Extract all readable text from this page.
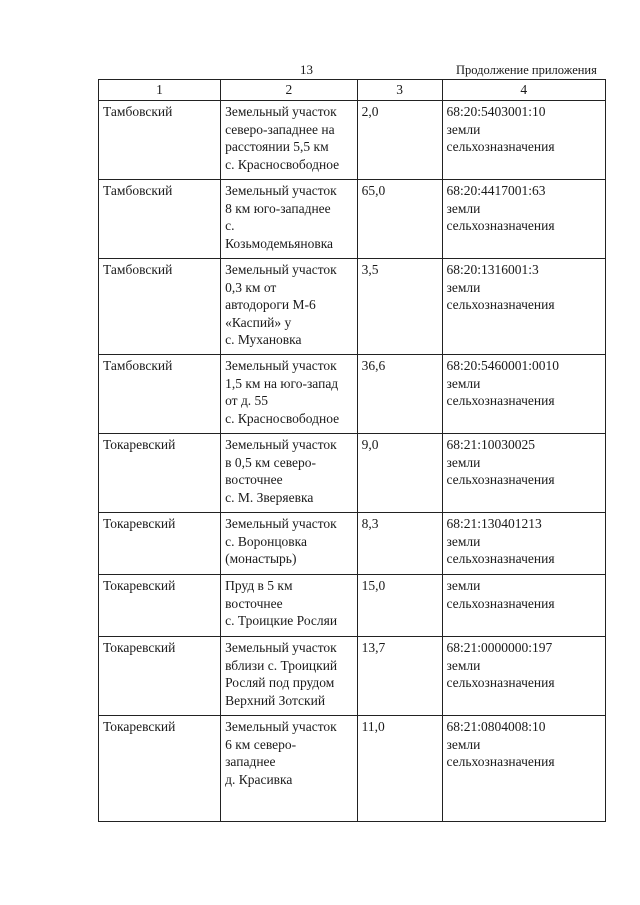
13	Продолжение приложения
1	2	3	4
Тамбовский	Земельный участок
северо-западнее на
расстоянии 5,5 км
с. Красносвободное	2,0	68:20:5403001:10
земли
сельхозназначения
Тамбовский	Земельный участок
8 км юго-западнее
с.
Козьмодемьяновка	65,0	68:20:4417001:63
земли
сельхозназначения
Тамбовский	Земельный участок
0,3 км от
автодороги М-6
«Каспий» у
с. Мухановка	3,5	68:20:1316001:3
земли
сельхозназначения
Тамбовский	Земельный участок
1,5 км на юго-запад
от д. 55
с. Красносвободное	36,6	68:20:5460001:0010
земли
сельхозназначения
Токаревский	Земельный участок
в 0,5 км северо-
восточнее
с. М. Зверяевка	9,0	68:21:10030025
земли
сельхозназначения
Токаревский	Земельный участок
с. Воронцовка
(монастырь)	8,3	68:21:130401213
земли
сельхозназначения
Токаревский	Пруд в 5 км
восточнее
с. Троицкие Росляи	15,0	земли
сельхозназначения
Токаревский	Земельный участок
вблизи с. Троицкий
Росляй под прудом
Верхний Зотский	13,7	68:21:0000000:197
земли
сельхозназначения
Токаревский	Земельный участок
6 км северо-
западнее
д. Красивка	11,0	68:21:0804008:10
земли
сельхозназначения
